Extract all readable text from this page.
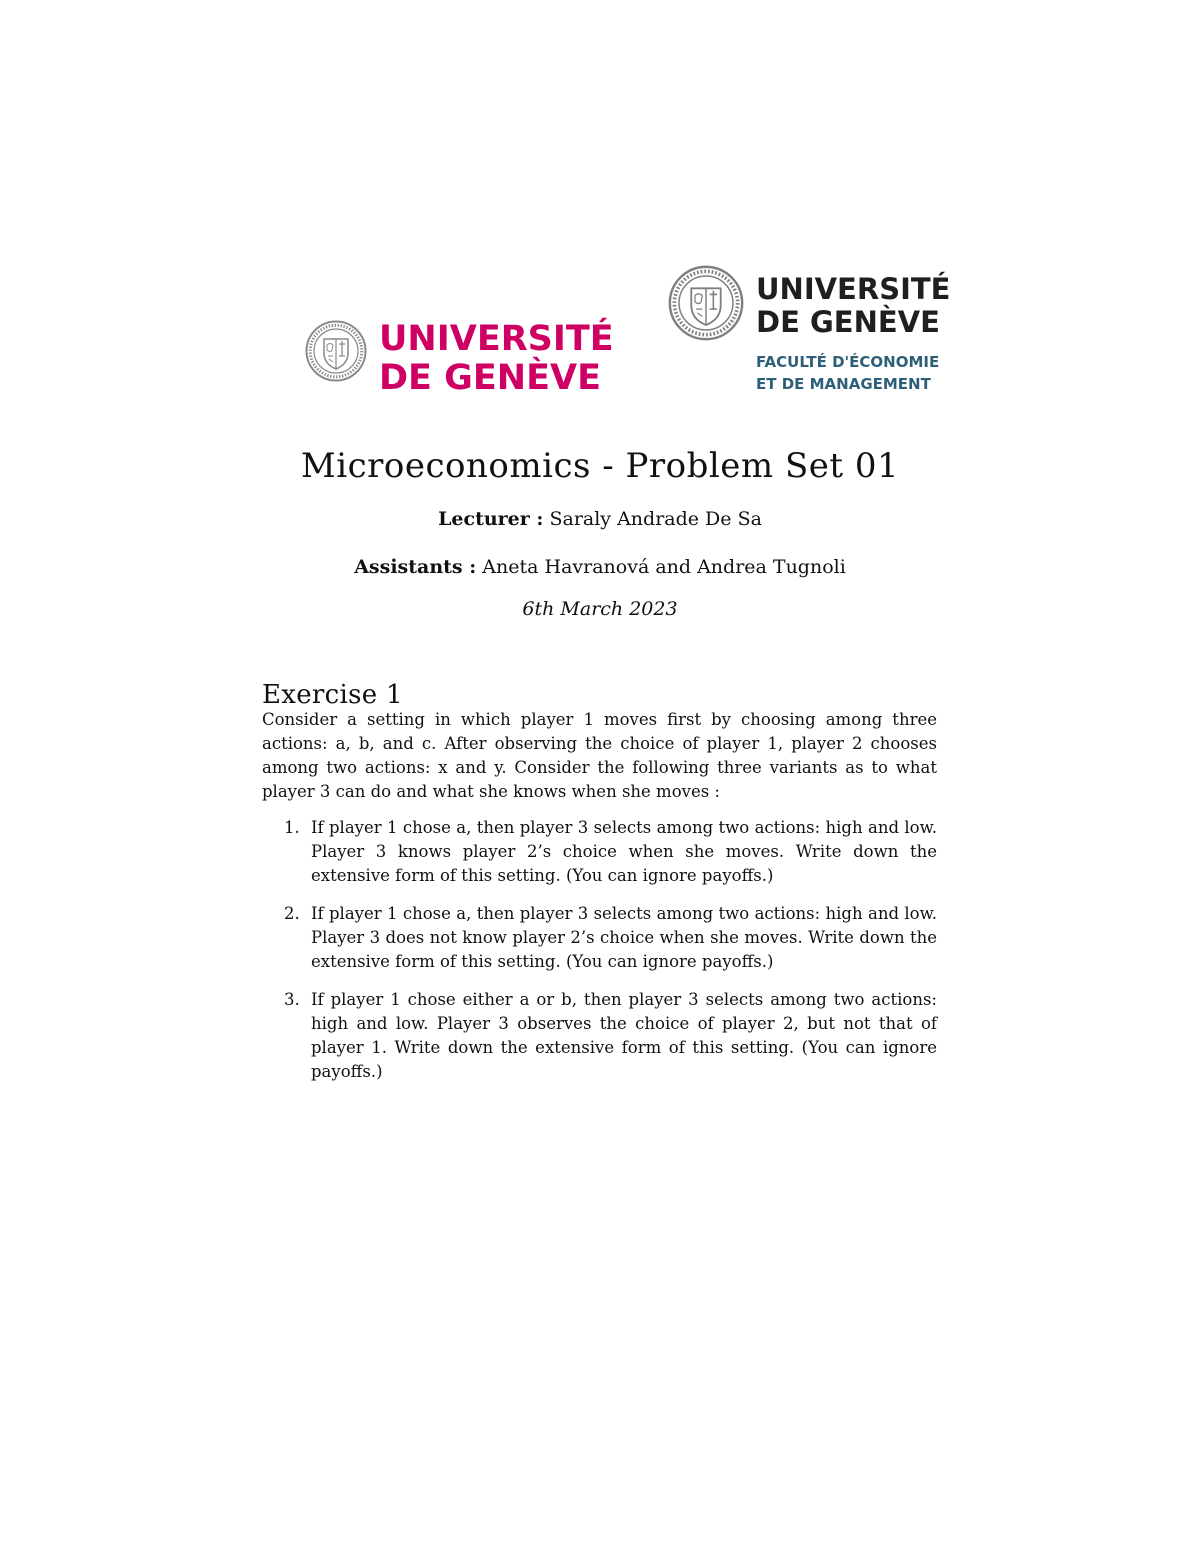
UNIVERSITÉ
DE GENÈVE
UNIVERSITÉ
DE GENÈVE
FACULTÉ D'ÉCONOMIE
ET DE MANAGEMENT
Microeconomics - Problem Set 01
Lecturer : Saraly Andrade De Sa
Assistants : Aneta Havranová and Andrea Tugnoli
6th March 2023
Exercise 1

Consider a setting in which player 1 moves first by choosing among three actions: a, b, and c. After observing the choice of player 1, player 2 chooses among two actions: x and y. Consider the following three variants as to what player 3 can do and what she knows when she moves :

1. If player 1 chose a, then player 3 selects among two actions: high and low. Player 3 knows player 2’s choice when she moves. Write down the extensive form of this setting. (You can ignore payoffs.)
2. If player 1 chose a, then player 3 selects among two actions: high and low. Player 3 does not know player 2’s choice when she moves. Write down the extensive form of this setting. (You can ignore payoffs.)
3. If player 1 chose either a or b, then player 3 selects among two actions: high and low. Player 3 observes the choice of player 2, but not that of player 1. Write down the extensive form of this setting. (You can ignore payoffs.)
